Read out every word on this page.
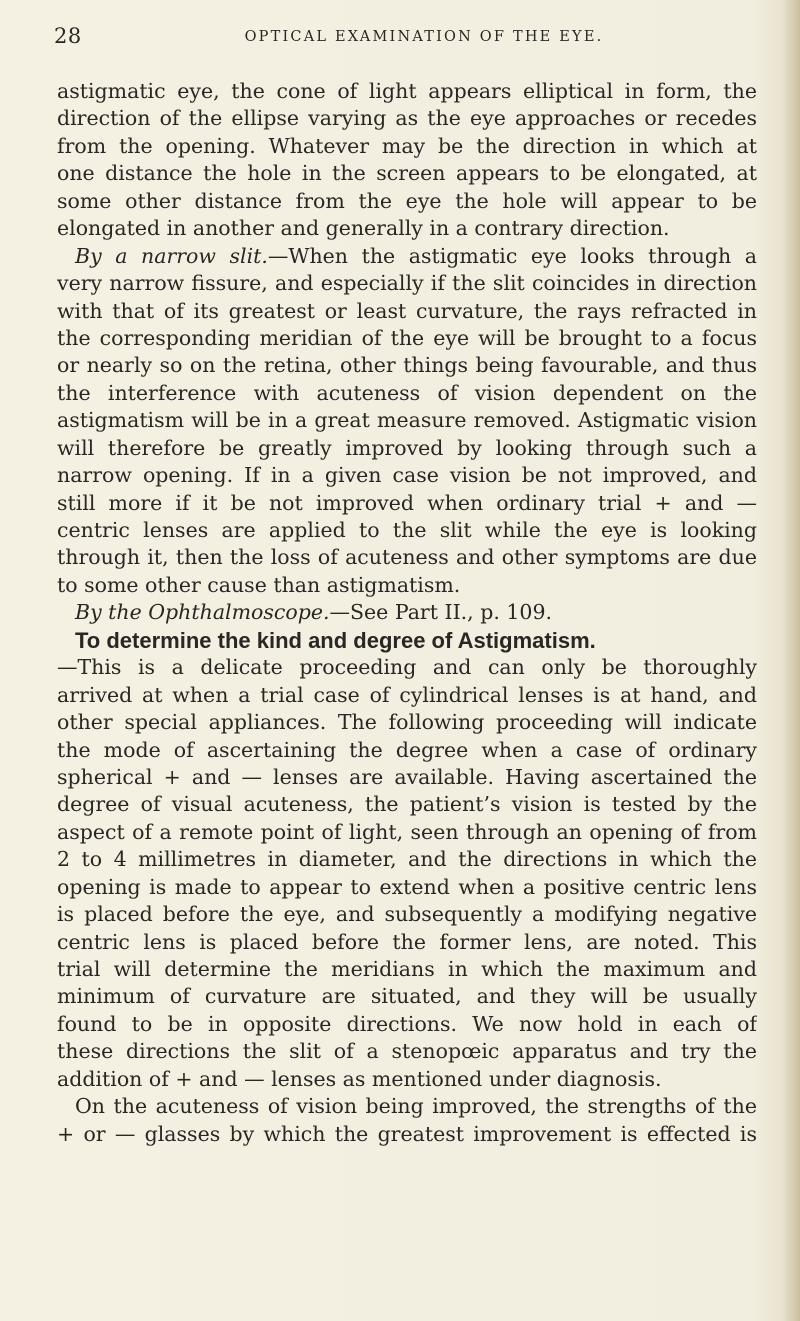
28	OPTICAL EXAMINATION OF THE EYE.
astigmatic eye, the cone of light appears elliptical in form, the
direction of the ellipse varying as the eye approaches or recedes
from the opening. Whatever may be the direction in which at
one distance the hole in the screen appears to be elongated, at
some other distance from the eye the hole will appear to be
elongated in another and generally in a contrary direction.
By a narrow slit.—When the astigmatic eye looks through a
very narrow fissure, and especially if the slit coincides in direction
with that of its greatest or least curvature, the rays refracted in
the corresponding meridian of the eye will be brought to a focus
or nearly so on the retina, other things being favourable, and thus
the interference with acuteness of vision dependent on the
astigmatism will be in a great measure removed. Astigmatic vision
will therefore be greatly improved by looking through such a
narrow opening. If in a given case vision be not improved, and
still more if it be not improved when ordinary trial + and —
centric lenses are applied to the slit while the eye is looking
through it, then the loss of acuteness and other symptoms are due
to some other cause than astigmatism.
By the Ophthalmoscope.—See Part II., p. 109.
To determine the kind and degree of Astigmatism.
—This is a delicate proceeding and can only be thoroughly
arrived at when a trial case of cylindrical lenses is at hand, and
other special appliances. The following proceeding will indicate
the mode of ascertaining the degree when a case of ordinary
spherical + and — lenses are available. Having ascertained the
degree of visual acuteness, the patient’s vision is tested by the
aspect of a remote point of light, seen through an opening of from
2 to 4 millimetres in diameter, and the directions in which the
opening is made to appear to extend when a positive centric lens
is placed before the eye, and subsequently a modifying negative
centric lens is placed before the former lens, are noted. This
trial will determine the meridians in which the maximum and
minimum of curvature are situated, and they will be usually
found to be in opposite directions. We now hold in each of
these directions the slit of a stenopœic apparatus and try the
addition of + and — lenses as mentioned under diagnosis.
On the acuteness of vision being improved, the strengths of the
+ or — glasses by which the greatest improvement is effected is
